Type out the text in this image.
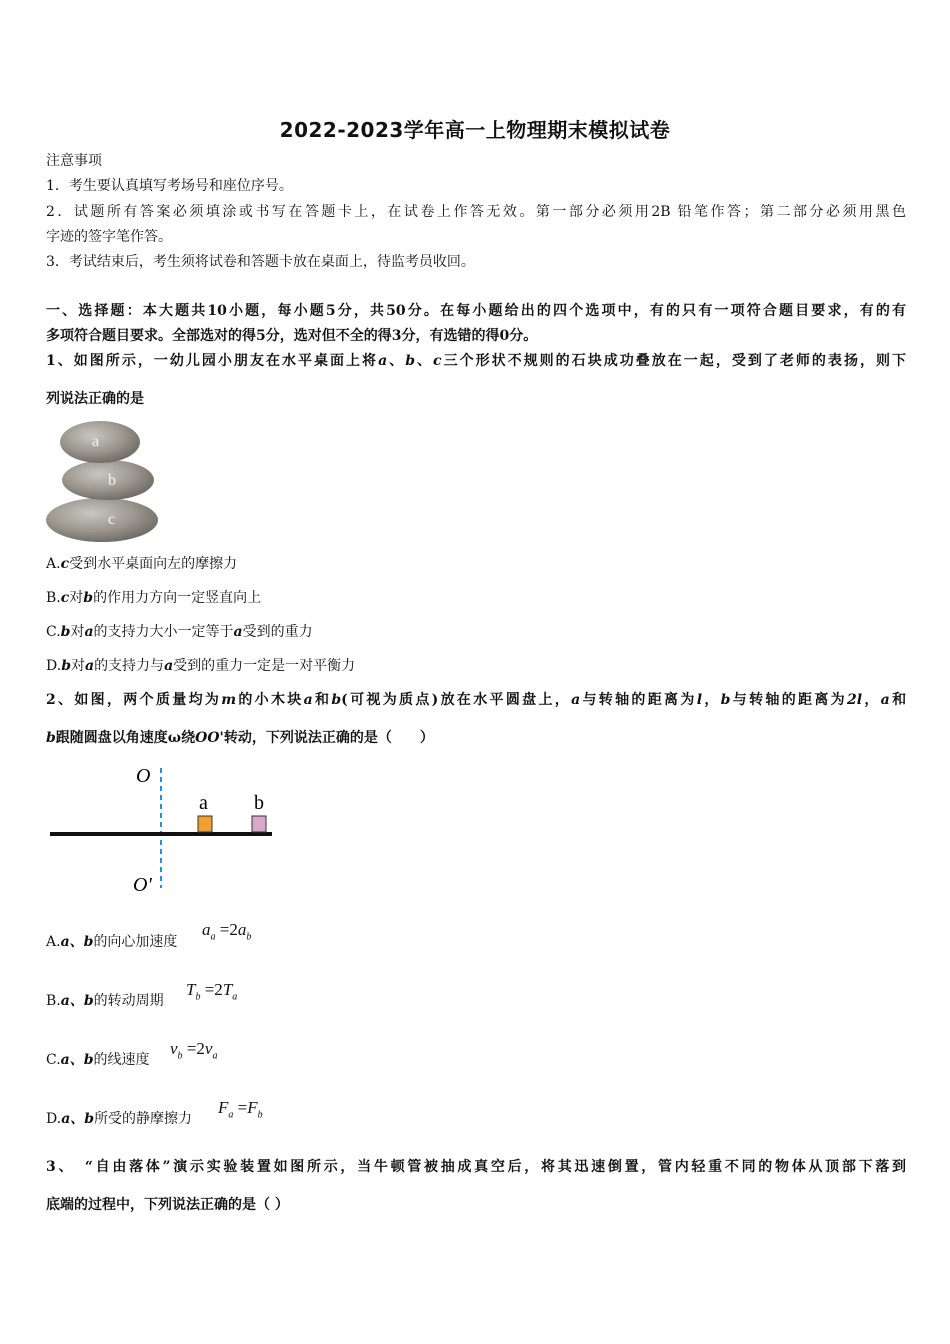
2022-2023学年高一上物理期末模拟试卷
注意事项
1．考生要认真填写考场号和座位序号。
2．试题所有答案必须填涂或书写在答题卡上，在试卷上作答无效。第一部分必须用2B 铅笔作答；第二部分必须用黑色
字迹的签字笔作答。
3．考试结束后，考生须将试卷和答题卡放在桌面上，待监考员收回。
一、选择题：本大题共10小题，每小题5分，共50分。在每小题给出的四个选项中，有的只有一项符合题目要求，有的有
多项符合题目要求。全部选对的得5分，选对但不全的得3分，有选错的得0分。
1、如图所示，一幼儿园小朋友在水平桌面上将a、b、c三个形状不规则的石块成功叠放在一起，受到了老师的表扬，则下
列说法正确的是
a
b
c
A.c受到水平桌面向左的摩擦力
B.c对b的作用力方向一定竖直向上
C.b对a的支持力大小一定等于a受到的重力
D.b对a的支持力与a受到的重力一定是一对平衡力
2、如图，两个质量均为m的小木块a和b(可视为质点)放在水平圆盘上，a与转轴的距离为l，b与转轴的距离为2l，a和
b跟随圆盘以角速度ω绕OO'转动，下列说法正确的是（　　）
O
O'
a b
A.a、b的向心加速度
$a_a =2a_b$
B.a、b的转动周期
$T_b =2T_a$
C.a、b的线速度
$v_b =2v_a$
D.a、b所受的静摩擦力
$F_a =F_b$
3、　“自由落体”演示实验装置如图所示，当牛顿管被抽成真空后，将其迅速倒置，管内轻重不同的物体从顶部下落到
底端的过程中，下列说法正确的是（ ）
